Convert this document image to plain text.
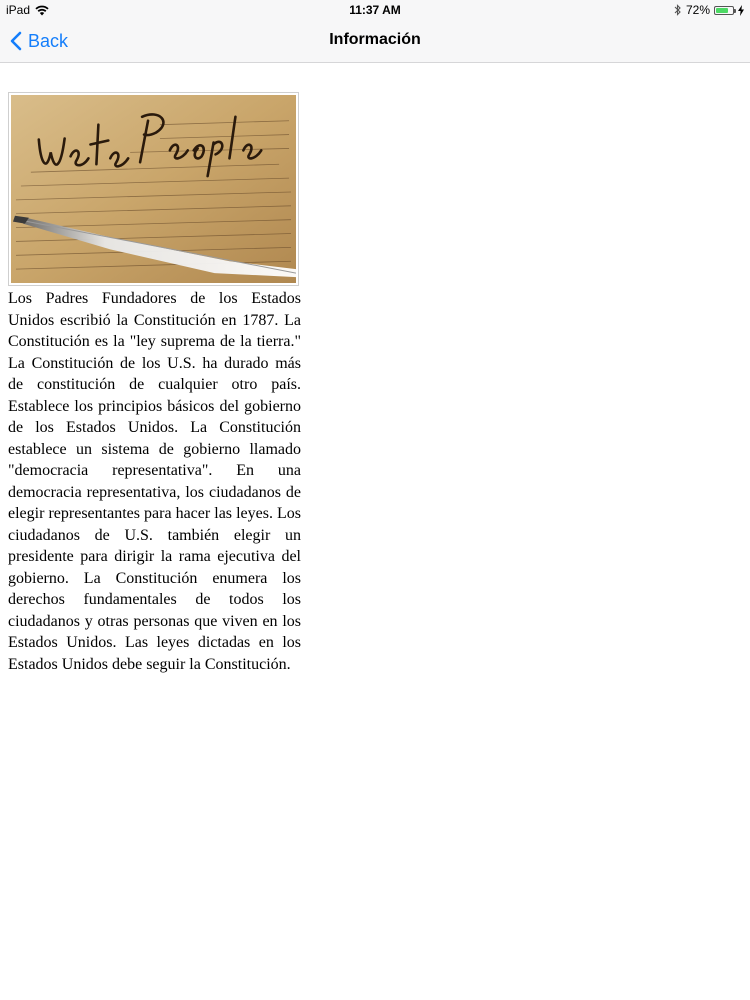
iPad	11:37 AM	72%
Back	Información
We the People

Los Padres Fundadores de los Estados Unidos escribió la Constitución en 1787. La Constitución es la "ley suprema de la tierra." La Constitución de los U.S. ha durado más de constitución de cualquier otro país. Establece los principios básicos del gobierno de los Estados Unidos. La Constitución establece un sistema de gobierno llamado "democracia representativa". En una democracia representativa, los ciudadanos de elegir representantes para hacer las leyes. Los ciudadanos de U.S. también elegir un presidente para dirigir la rama ejecutiva del gobierno. La Constitución enumera los derechos fundamentales de todos los ciudadanos y otras personas que viven en los Estados Unidos. Las leyes dictadas en los Estados Unidos debe seguir la Constitución.
